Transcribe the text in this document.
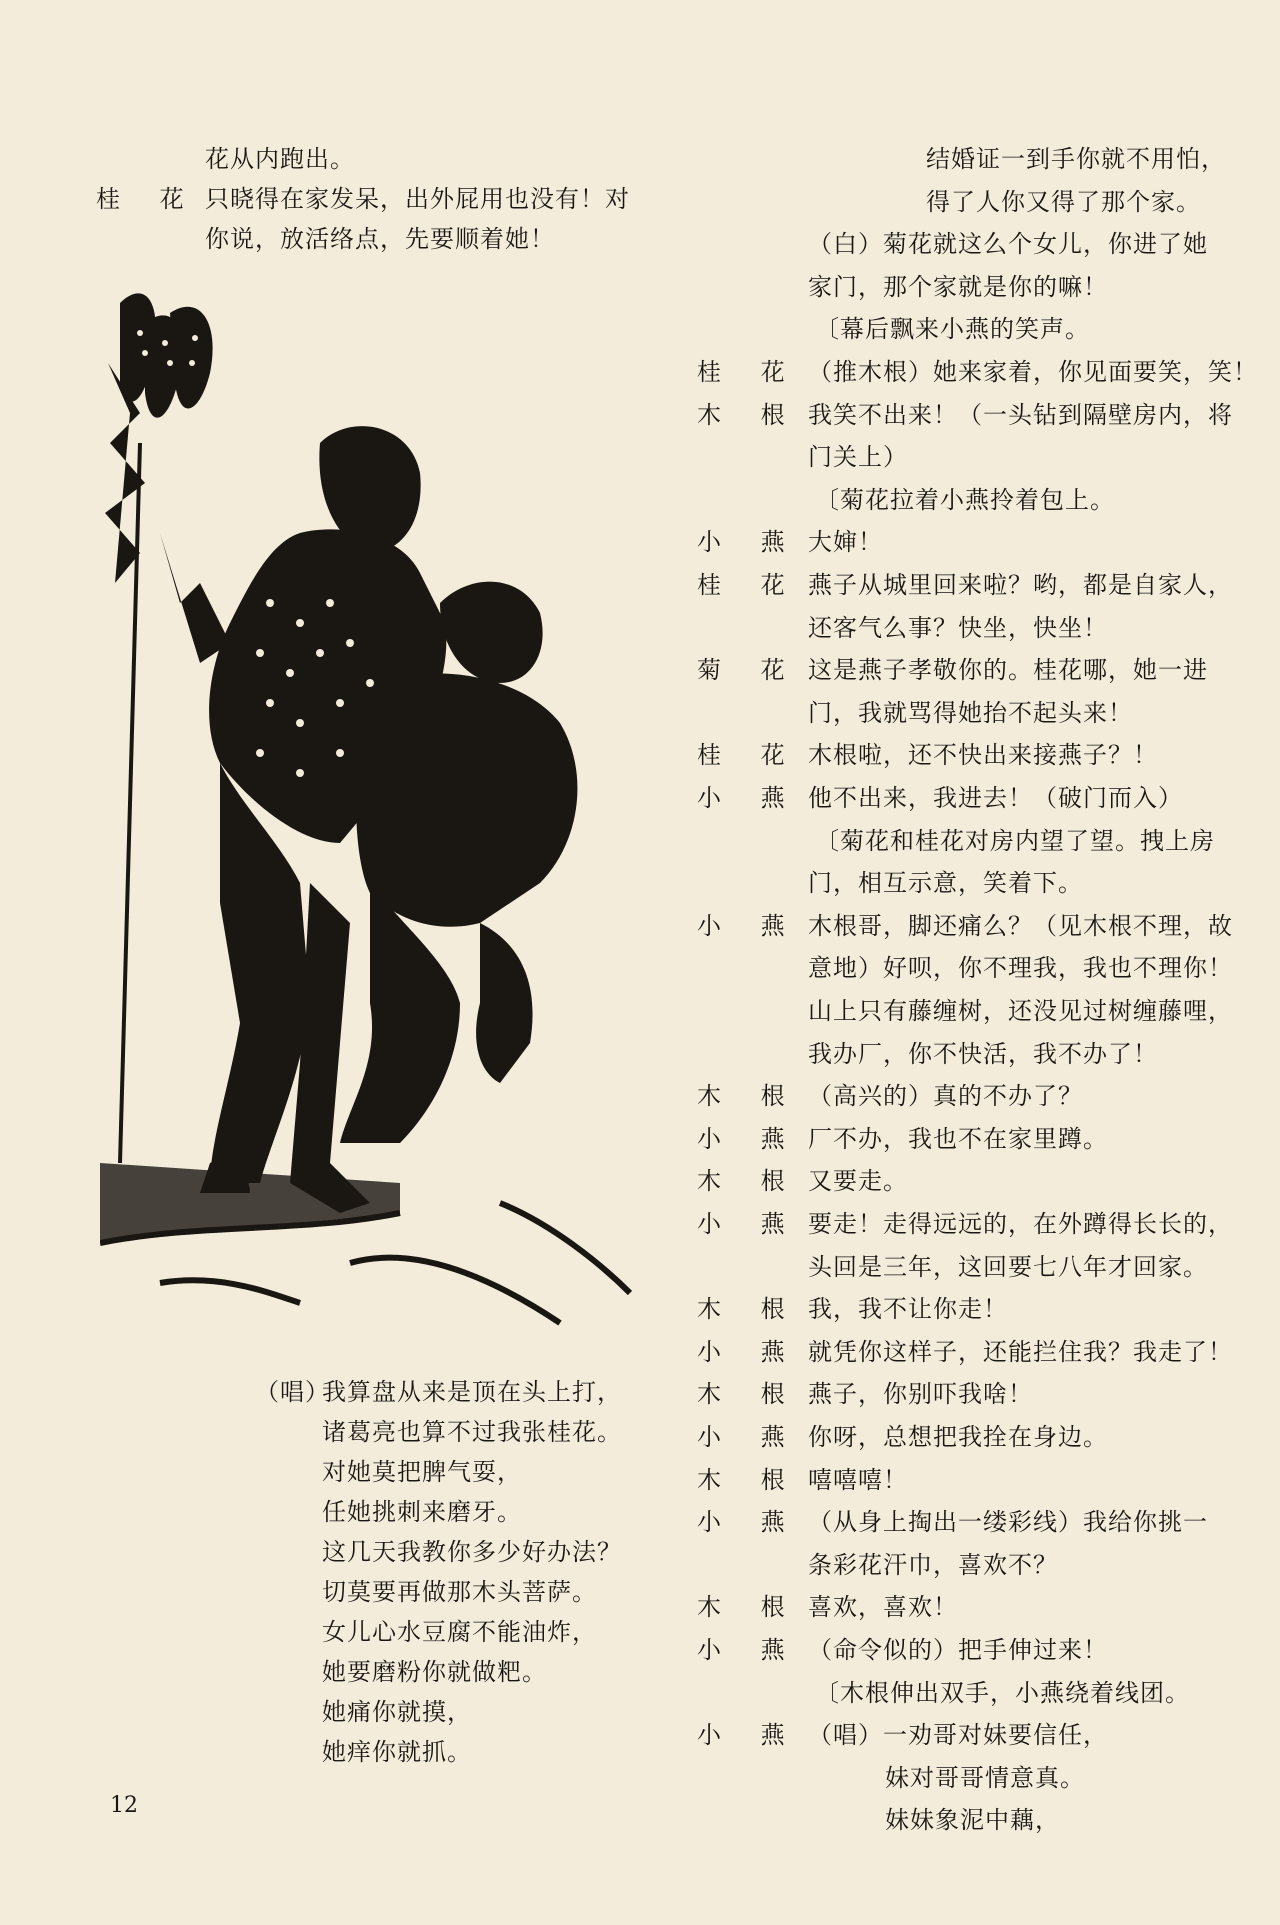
花从内跑出。
桂 花 只晓得在家发呆，出外屁用也没有！对
你说，放活络点，先要顺着她！
（唱）
我算盘从来是顶在头上打，
诸葛亮也算不过我张桂花。
对她莫把脾气耍，
任她挑刺来磨牙。
这几天我教你多少好办法？
切莫要再做那木头菩萨。
女儿心水豆腐不能油炸，
她要磨粉你就做粑。
她痛你就摸，
她痒你就抓。
12
结婚证一到手你就不用怕，
得了人你又得了那个家。
（白）菊花就这么个女儿，你进了她
家门，那个家就是你的嘛！
〔幕后飘来小燕的笑声。
桂 花 （推木根）她来家着，你见面要笑，笑！
木 根 我笑不出来！（一头钻到隔壁房内，将
门关上）
〔菊花拉着小燕拎着包上。
小 燕 大婶！
桂 花 燕子从城里回来啦？哟，都是自家人，
还客气么事？快坐，快坐！
菊 花 这是燕子孝敬你的。桂花哪，她一进
门，我就骂得她抬不起头来！
桂 花 木根啦，还不快出来接燕子？！
小 燕 他不出来，我进去！（破门而入）
〔菊花和桂花对房内望了望。拽上房
门，相互示意，笑着下。
小 燕 木根哥，脚还痛么？（见木根不理，故
意地）好呗，你不理我，我也不理你！
山上只有藤缠树，还没见过树缠藤哩，
我办厂，你不快活，我不办了！
木 根 （高兴的）真的不办了？
小 燕 厂不办，我也不在家里蹲。
木 根 又要走。
小 燕 要走！走得远远的，在外蹲得长长的，
头回是三年，这回要七八年才回家。
木 根 我，我不让你走！
小 燕 就凭你这样子，还能拦住我？我走了！
木 根 燕子，你别吓我啥！
小 燕 你呀，总想把我拴在身边。
木 根 嘻嘻嘻！
小 燕 （从身上掏出一缕彩线）我给你挑一
条彩花汗巾，喜欢不？
木 根 喜欢，喜欢！
小 燕 （命令似的）把手伸过来！
〔木根伸出双手，小燕绕着线团。
小 燕 （唱）一劝哥对妹要信任，
妹对哥哥情意真。
妹妹象泥中藕，
